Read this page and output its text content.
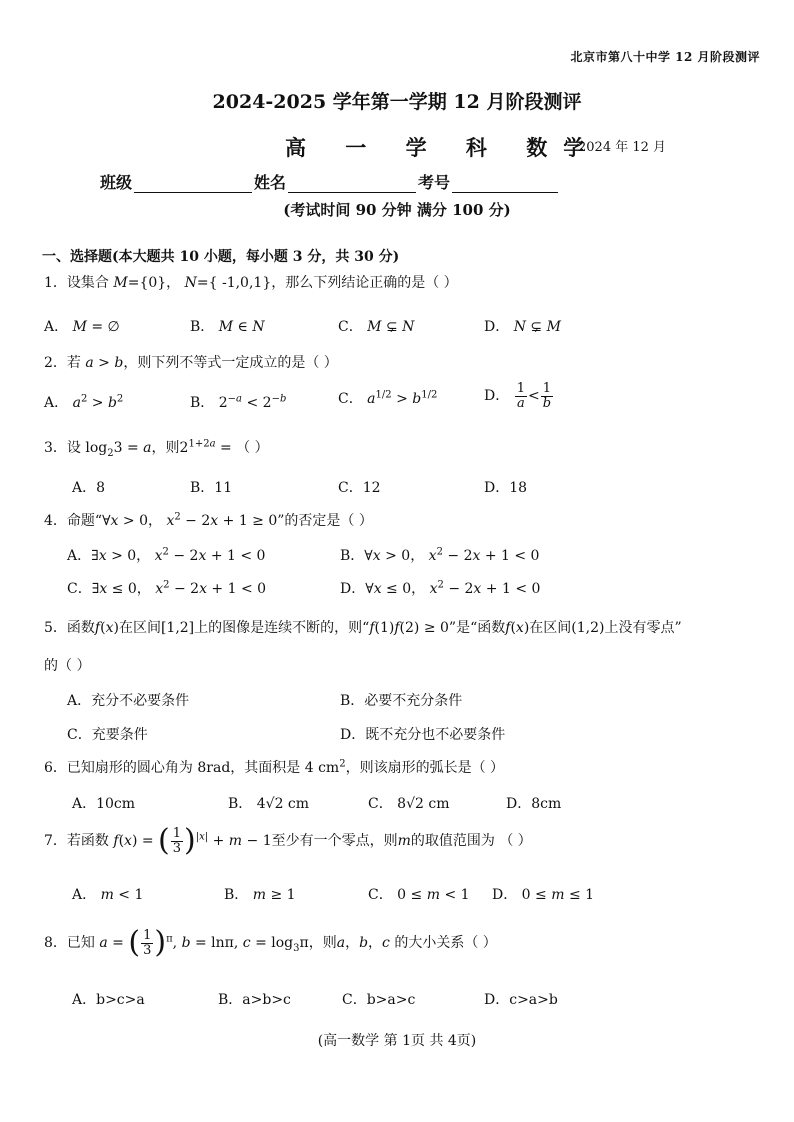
北京市第八十中学 12 月阶段测评
2024-2025 学年第一学期 12 月阶段测评
高 一 学 科 数学
2024 年 12 月
班级	姓名	考号
(考试时间 90 分钟 满分 100 分)
一、选择题(本大题共 10 小题，每小题 3 分，共 30 分)
1．设集合 M={0}， N={ -1,0,1}，那么下列结论正确的是（ ）
A． M = ∅	B． M ∈ N	C． M ⊊ N	D． N ⊊ M
2．若 a > b，则下列不等式一定成立的是（ ）
A． $a^2 > b^2$	B． $2^{-a} < 2^{-b}$	C． $a^{1/2} > b^{1/2}$	D． $\frac{1}{a} < \frac{1}{b}$
3．设 $\log_23 = a$，则$2^{1+2a}$ = （ ）
A．8	B．11	C．12	D．18
4．命题“∀x > 0， $x^2 - 2x + 1 \ge 0$”的否定是（ ）
A．∃x > 0， $x^2 - 2x + 1 < 0$	B．∀x > 0， $x^2 - 2x + 1 < 0$
C．∃x ≤ 0， $x^2 - 2x + 1 < 0$	D．∀x ≤ 0， $x^2 - 2x + 1 < 0$
5．函数f(x)在区间[1,2]上的图像是连续不断的，则“f(1)f(2) ≥ 0”是“函数f(x)在区间(1,2)上没有零点”
的（ ）
A．充分不必要条件	B．必要不充分条件
C．充要条件	D．既不充分也不必要条件
6．已知扇形的圆心角为 8rad，其面积是 4 $cm^2$，则该扇形的弧长是（ ）
A．10cm	B． 4√2 cm	C． 8√2 cm	D．8cm
7．若函数 f(x) = ( $\frac{1}{3} )^{|x|} + m - 1$至少有一个零点，则m的取值范围为 （ ）
A． m < 1	B． m ≥ 1	C． 0 ≤ m < 1 D． 0 ≤ m ≤ 1
8．已知 a = ( $\frac{1}{3} )^\pi$, b = lnπ, $c = \log_3\pi$，则a，b，c 的大小关系（ ）
A．b>c>a	B．a>b>c	C．b>a>c	D．c>a>b
(高一数学 第 1页 共 4页)
